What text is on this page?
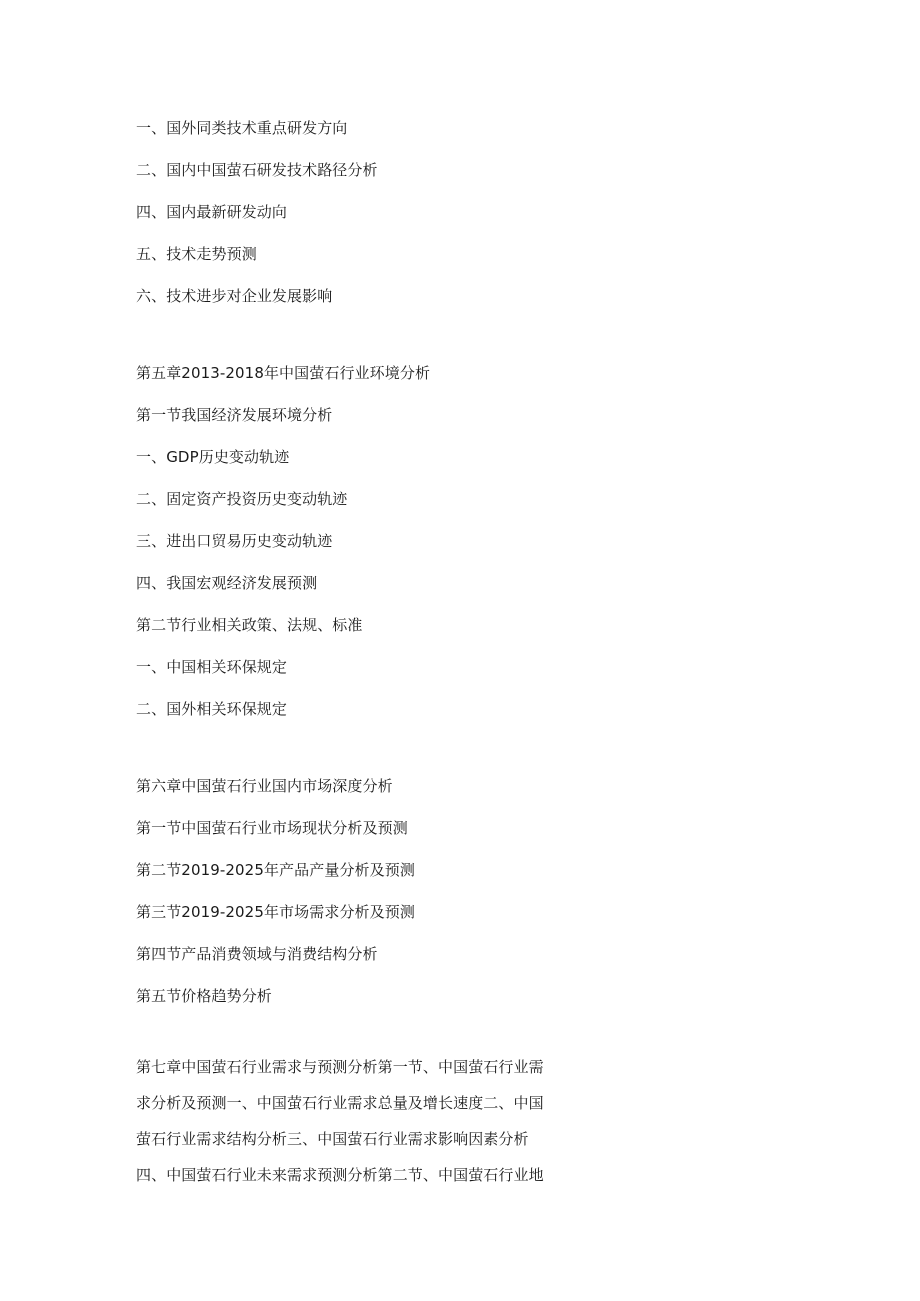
一、国外同类技术重点研发方向
二、国内中国萤石研发技术路径分析
四、国内最新研发动向
五、技术走势预测
六、技术进步对企业发展影响
第五章2013-2018年中国萤石行业环境分析
第一节我国经济发展环境分析
一、GDP历史变动轨迹
二、固定资产投资历史变动轨迹
三、进出口贸易历史变动轨迹
四、我国宏观经济发展预测
第二节行业相关政策、法规、标准
一、中国相关环保规定
二、国外相关环保规定
第六章中国萤石行业国内市场深度分析
第一节中国萤石行业市场现状分析及预测
第二节2019-2025年产品产量分析及预测
第三节2019-2025年市场需求分析及预测
第四节产品消费领域与消费结构分析
第五节价格趋势分析
第七章中国萤石行业需求与预测分析第一节、中国萤石行业需
求分析及预测一、中国萤石行业需求总量及增长速度二、中国
萤石行业需求结构分析三、中国萤石行业需求影响因素分析
四、中国萤石行业未来需求预测分析第二节、中国萤石行业地
